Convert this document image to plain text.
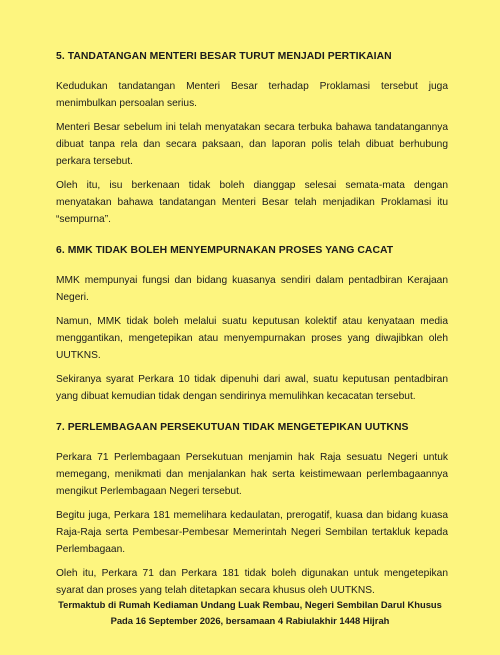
5. TANDATANGAN MENTERI BESAR TURUT MENJADI PERTIKAIAN

Kedudukan tandatangan Menteri Besar terhadap Proklamasi tersebut juga menimbulkan persoalan serius.

Menteri Besar sebelum ini telah menyatakan secara terbuka bahawa tandatangannya dibuat tanpa rela dan secara paksaan, dan laporan polis telah dibuat berhubung perkara tersebut.

Oleh itu, isu berkenaan tidak boleh dianggap selesai semata-mata dengan menyatakan bahawa tandatangan Menteri Besar telah menjadikan Proklamasi itu “sempurna”.

6. MMK TIDAK BOLEH MENYEMPURNAKAN PROSES YANG CACAT

MMK mempunyai fungsi dan bidang kuasanya sendiri dalam pentadbiran Kerajaan Negeri.

Namun, MMK tidak boleh melalui suatu keputusan kolektif atau kenyataan media menggantikan, mengetepikan atau menyempurnakan proses yang diwajibkan oleh UUTKNS.

Sekiranya syarat Perkara 10 tidak dipenuhi dari awal, suatu keputusan pentadbiran yang dibuat kemudian tidak dengan sendirinya memulihkan kecacatan tersebut.

7. PERLEMBAGAAN PERSEKUTUAN TIDAK MENGETEPIKAN UUTKNS

Perkara 71 Perlembagaan Persekutuan menjamin hak Raja sesuatu Negeri untuk memegang, menikmati dan menjalankan hak serta keistimewaan perlembagaannya mengikut Perlembagaan Negeri tersebut.

Begitu juga, Perkara 181 memelihara kedaulatan, prerogatif, kuasa dan bidang kuasa Raja-Raja serta Pembesar-Pembesar Memerintah Negeri Sembilan tertakluk kepada Perlembagaan.

Oleh itu, Perkara 71 dan Perkara 181 tidak boleh digunakan untuk mengetepikan syarat dan proses yang telah ditetapkan secara khusus oleh UUTKNS.

Termaktub di Rumah Kediaman Undang Luak Rembau, Negeri Sembilan Darul Khusus
Pada 16 September 2026, bersamaan 4 Rabiulakhir 1448 Hijrah
